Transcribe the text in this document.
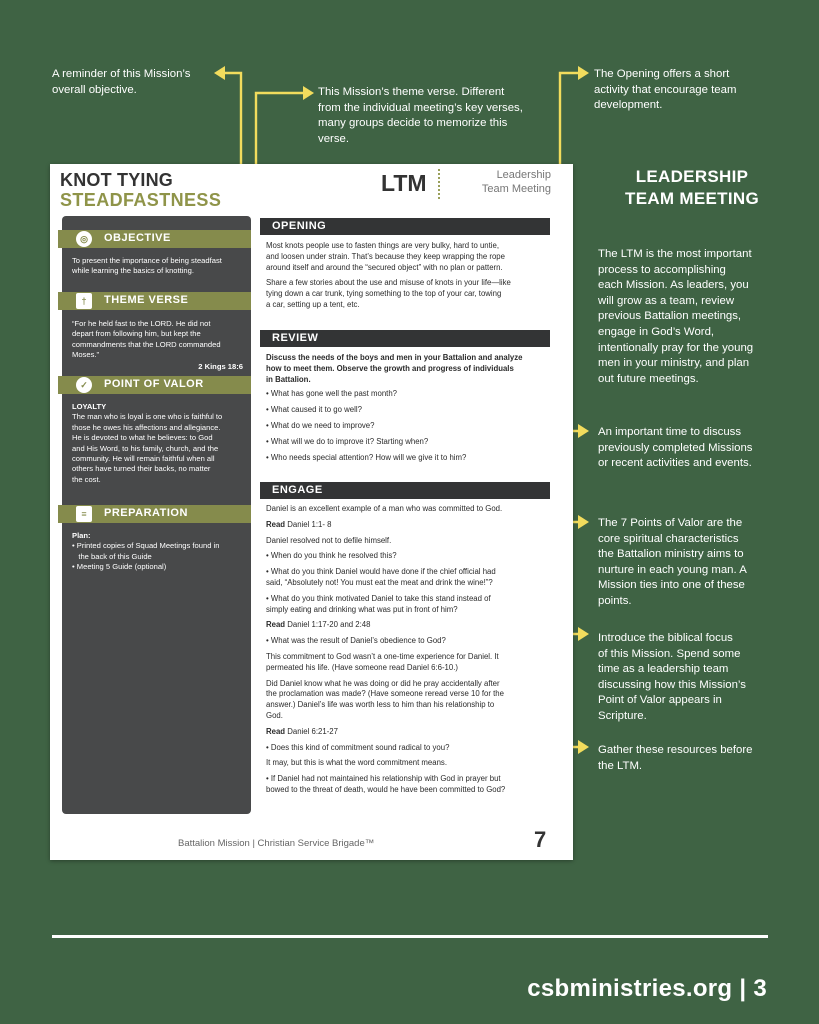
A reminder of this Mission’s
overall objective.	This Mission’s theme verse. Different
from the individual meeting’s key verses,
many groups decide to memorize this
verse.
The Opening offers a short
activity that encourage team
development.
LEADERSHIP
TEAM MEETING
The LTM is the most important
process to accomplishing
each Mission. As leaders, you
will grow as a team, review
previous Battalion meetings,
engage in God’s Word,
intentionally pray for the young
men in your ministry, and plan
out future meetings.
An important time to discuss
previously completed Missions
or recent activities and events.
The 7 Points of Valor are the
core spiritual characteristics
the Battalion ministry aims to
nurture in each young man. A
Mission ties into one of these
points.
Introduce the biblical focus
of this Mission. Spend some
time as a leadership team
discussing how this Mission’s
Point of Valor appears in
Scripture.
Gather these resources before
the LTM.
KNOT TYING
STEADFASTNESS
LTM	Leadership
Team Meeting
◎	OBJECTIVE
To present the importance of being steadfast
while learning the basics of knotting.
†	THEME VERSE
“For he held fast to the LORD. He did not
depart from following him, but kept the
commandments that the LORD commanded
Moses.”
2 Kings 18:6
✓	POINT OF VALOR
LOYALTY
The man who is loyal is one who is faithful to
those he owes his affections and allegiance.
He is devoted to what he believes: to God
and His Word, to his family, church, and the
community. He will remain faithful when all
others have turned their backs, no matter
the cost.
≡	PREPARATION
Plan:
• Printed copies of Squad Meetings found in
the back of this Guide
• Meeting 5 Guide (optional)
OPENING
Most knots people use to fasten things are very bulky, hard to untie,
and loosen under strain. That’s because they keep wrapping the rope
around itself and around the “secured object” with no plan or pattern.
Share a few stories about the use and misuse of knots in your life—like
tying down a car trunk, tying something to the top of your car, towing
a car, setting up a tent, etc.
REVIEW
Discuss the needs of the boys and men in your Battalion and analyze
how to meet them. Observe the growth and progress of individuals
in Battalion.
• What has gone well the past month?
• What caused it to go well?
• What do we need to improve?
• What will we do to improve it? Starting when?
• Who needs special attention? How will we give it to him?
ENGAGE
Daniel is an excellent example of a man who was committed to God.
Read Daniel 1:1- 8
Daniel resolved not to defile himself.
• When do you think he resolved this?
• What do you think Daniel would have done if the chief official had
said, “Absolutely not! You must eat the meat and drink the wine!”?
• What do you think motivated Daniel to take this stand instead of
simply eating and drinking what was put in front of him?
Read Daniel 1:17-20 and 2:48
• What was the result of Daniel’s obedience to God?
This commitment to God wasn’t a one-time experience for Daniel. It
permeated his life. (Have someone read Daniel 6:6-10.)
Did Daniel know what he was doing or did he pray accidentally after
the proclamation was made? (Have someone reread verse 10 for the
answer.) Daniel’s life was worth less to him than his relationship to
God.
Read Daniel 6:21-27
• Does this kind of commitment sound radical to you?
It may, but this is what the word commitment means.
• If Daniel had not maintained his relationship with God in prayer but
bowed to the threat of death, would he have been committed to God?
Battalion Mission | Christian Service Brigade™	7
csbministries.org | 3
